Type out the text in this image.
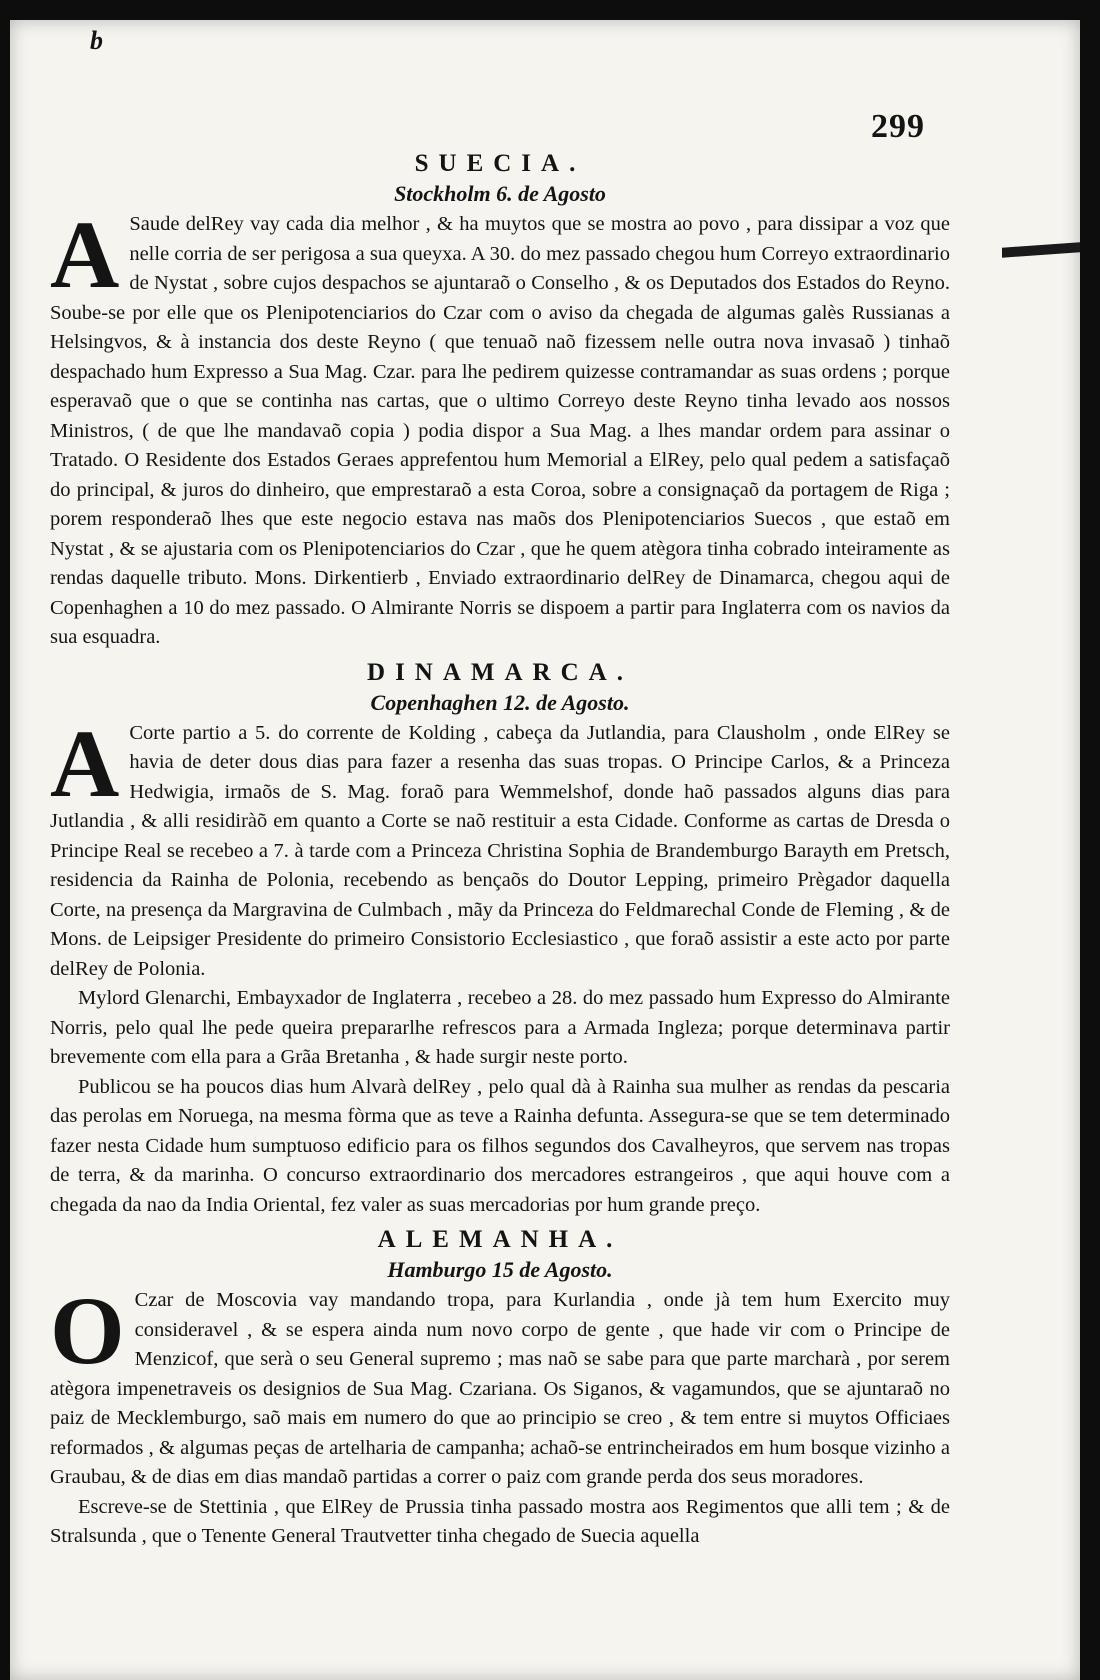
b
299
SUECIA.
Stockholm 6. de Agosto

A Saude delRey vay cada dia melhor , & ha muytos que se mostra ao povo , para dissipar a voz que nelle corria de ser perigosa a sua queyxa. A 30. do mez passado chegou hum Correyo extraordinario de Nystat , sobre cujos despachos se ajuntaraõ o Conselho , & os Deputados dos Estados do Reyno. Soube-se por elle que os Plenipotenciarios do Czar com o aviso da chegada de algumas galès Russianas a Helsingvos, & à instancia dos deste Reyno ( que tenuaõ naõ fizessem nelle outra nova invasaõ ) tinhaõ despachado hum Expresso a Sua Mag. Czar. para lhe pedirem quizesse contramandar as suas ordens ; porque esperavaõ que o que se continha nas cartas, que o ultimo Correyo deste Reyno tinha levado aos nossos Ministros, ( de que lhe mandavaõ copia ) podia dispor a Sua Mag. a lhes mandar ordem para assinar o Tratado. O Residente dos Estados Geraes apprefentou hum Memorial a ElRey, pelo qual pedem a satisfaçaõ do principal, & juros do dinheiro, que emprestaraõ a esta Coroa, sobre a consignaçaõ da portagem de Riga ; porem responderaõ lhes que este negocio estava nas maõs dos Plenipotenciarios Suecos , que estaõ em Nystat , & se ajustaria com os Plenipotenciarios do Czar , que he quem atègora tinha cobrado inteiramente as rendas daquelle tributo. Mons. Dirkentierb , Enviado extraordinario delRey de Dinamarca, chegou aqui de Copenhaghen a 10 do mez passado. O Almirante Norris se dispoem a partir para Inglaterra com os navios da sua esquadra.

DINAMARCA.
Copenhaghen 12. de Agosto.

A Corte partio a 5. do corrente de Kolding , cabeça da Jutlandia, para Clausholm , onde ElRey se havia de deter dous dias para fazer a resenha das suas tropas. O Principe Carlos, & a Princeza Hedwigia, irmaõs de S. Mag. foraõ para Wemmelshof, donde haõ passados alguns dias para Jutlandia , & alli residiràõ em quanto a Corte se naõ restituir a esta Cidade. Conforme as cartas de Dresda o Principe Real se recebeo a 7. à tarde com a Princeza Christina Sophia de Brandemburgo Barayth em Pretsch, residencia da Rainha de Polonia, recebendo as bençaõs do Doutor Lepping, primeiro Prègador daquella Corte, na presença da Margravina de Culmbach , mãy da Princeza do Feldmarechal Conde de Fleming , & de Mons. de Leipsiger Presidente do primeiro Consistorio Ecclesiastico , que foraõ assistir a este acto por parte delRey de Polonia.

Mylord Glenarchi, Embayxador de Inglaterra , recebeo a 28. do mez passado hum Expresso do Almirante Norris, pelo qual lhe pede queira prepararlhe refrescos para a Armada Ingleza; porque determinava partir brevemente com ella para a Grãa Bretanha , & hade surgir neste porto.

Publicou se ha poucos dias hum Alvarà delRey , pelo qual dà à Rainha sua mulher as rendas da pescaria das perolas em Noruega, na mesma fòrma que as teve a Rainha defunta. Assegura-se que se tem determinado fazer nesta Cidade hum sumptuoso edificio para os filhos segundos dos Cavalheyros, que servem nas tropas de terra, & da marinha. O concurso extraordinario dos mercadores estrangeiros , que aqui houve com a chegada da nao da India Oriental, fez valer as suas mercadorias por hum grande preço.

ALEMANHA.
Hamburgo 15 de Agosto.

O Czar de Moscovia vay mandando tropa, para Kurlandia , onde jà tem hum Exercito muy consideravel , & se espera ainda num novo corpo de gente , que hade vir com o Principe de Menzicof, que serà o seu General supremo ; mas naõ se sabe para que parte marcharà , por serem atègora impenetraveis os designios de Sua Mag. Czariana. Os Siganos, & vagamundos, que se ajuntaraõ no paiz de Mecklemburgo, saõ mais em numero do que ao principio se creo , & tem entre si muytos Officiaes reformados , & algumas peças de artelharia de campanha; achaõ-se entrincheirados em hum bosque vizinho a Graubau, & de dias em dias mandaõ partidas a correr o paiz com grande perda dos seus moradores.

Escreve-se de Stettinia , que ElRey de Prussia tinha passado mostra aos Regimentos que alli tem ; & de Stralsunda , que o Tenente General Trautvetter tinha chegado de Suecia aquella
